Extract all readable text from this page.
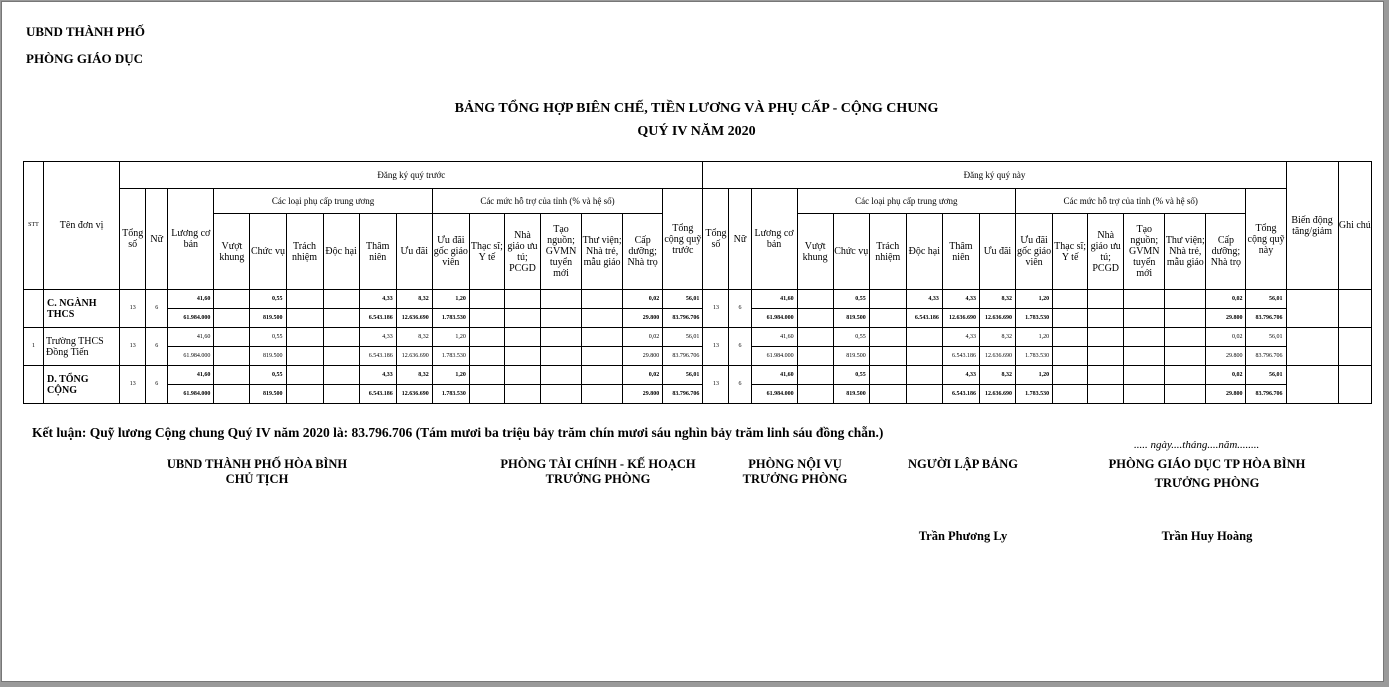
UBND THÀNH PHỐ
PHÒNG GIÁO DỤC
BẢNG TỔNG HỢP BIÊN CHẾ, TIỀN LƯƠNG VÀ PHỤ CẤP - CỘNG CHUNG
QUÝ IV NĂM 2020
STT	Tên đơn vị	Đăng ký quý trước																Đăng ký quý này																Biến động tăng/giảm	Ghi chú
		Tổng số	Nữ	Lương cơ bản	Các loại phụ cấp trung ương						Các mức hỗ trợ của tỉnh (% và hệ số)						Tổng cộng quỹ trước	Tổng số	Nữ	Lương cơ bản	Các loại phụ cấp trung ương						Các mức hỗ trợ của tỉnh (% và hệ số)						Tổng cộng quỹ này		
					Vượt khung	Chức vụ	Trách nhiệm	Độc hại	Thâm niên	Ưu đãi	Ưu đãi gốc giáo viên	Thạc sĩ; Y tế	Nhà giáo ưu tú; PCGD	Tạo nguồn; GVMN tuyển mới	Thư viện; Nhà trẻ, mẫu giáo	Cấp dưỡng; Nhà trọ					Vượt khung	Chức vụ	Trách nhiệm	Độc hại	Thâm niên	Ưu đãi	Ưu đãi gốc giáo viên	Thạc sĩ; Y tế	Nhà giáo ưu tú; PCGD	Tạo nguồn; GVMN tuyển mới	Thư viện; Nhà trẻ, mẫu giáo	Cấp dưỡng; Nhà trọ			
	C. NGÀNH THCS	13	6	41,60		0,55			4,33	8,32	1,20					0,02	56,01	13	6	41,60		0,55		4,33	4,33	8,32	1,20					0,02	56,01		
				61.984.000		819.500			6.543.186	12.636.690	1.783.530					29.800	83.796.706			61.984.000		819.500		6.543.186	12.636.690	12.636.690	1.783.530					29.800	83.796.706		
1	Trường THCS Đồng Tiến	13	6	41,60		0,55			4,33	8,32	1,20					0,02	56,01	13	6	41,60		0,55			4,33	8,32	1,20					0,02	56,01		
				61.984.000		819.500			6.543.186	12.636.690	1.783.530					29.800	83.796.706			61.984.000		819.500			6.543.186	12.636.690	1.783.530					29.800	83.796.706		
	D. TỔNG CỘNG	13	6	41,60		0,55			4,33	8,32	1,20					0,02	56,01	13	6	41,60		0,55			4,33	8,32	1,20					0,02	56,01		
				61.984.000		819.500			6.543.186	12.636.690	1.783.530					29.800	83.796.706			61.984.000		819.500			6.543.186	12.636.690	1.783.530					29.800	83.796.706		
Kết luận: Quỹ lương Cộng chung Quý IV năm 2020 là: 83.796.706 (Tám mươi ba triệu bảy trăm chín mươi sáu nghìn bảy trăm linh sáu đồng chẵn.)
..... ngày....tháng....năm........
UBND THÀNH PHỐ HÒA BÌNH
CHỦ TỊCH
PHÒNG TÀI CHÍNH - KẾ HOẠCH
TRƯỞNG PHÒNG
PHÒNG NỘI VỤ
TRƯỞNG PHÒNG
NGƯỜI LẬP BẢNG
Trần Phương Ly
PHÒNG GIÁO DỤC TP HÒA BÌNH
TRƯỞNG PHÒNG
Trần Huy Hoàng
